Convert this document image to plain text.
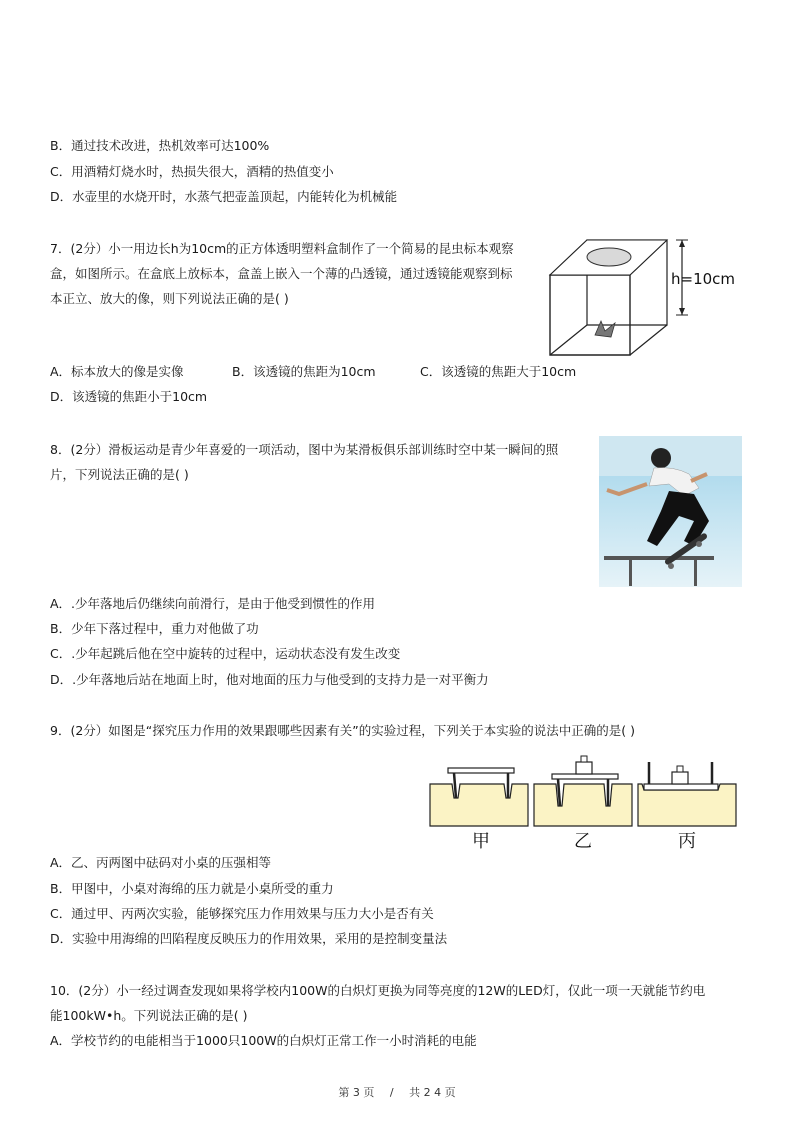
B．通过技术改进，热机效率可达100%
C．用酒精灯烧水时，热损失很大，酒精的热值变小
D．水壶里的水烧开时，水蒸气把壶盖顶起，内能转化为机械能
7．(2分）小一用边长h为10cm的正方体透明塑料盒制作了一个简易的昆虫标本观察
盒，如图所示。在盒底上放标本，盒盖上嵌入一个薄的凸透镜，通过透镜能观察到标
本正立、放大的像，则下列说法正确的是( )
h=10cm
A．标本放大的像是实像	B．该透镜的焦距为10cm	C．该透镜的焦距大于10cm
D．该透镜的焦距小于10cm
8．(2分）滑板运动是青少年喜爱的一项活动，图中为某滑板俱乐部训练时空中某一瞬间的照
片，下列说法正确的是( )
A．.少年落地后仍继续向前滑行，是由于他受到惯性的作用
B．少年下落过程中，重力对他做了功
C．.少年起跳后他在空中旋转的过程中，运动状态没有发生改变
D．.少年落地后站在地面上时，他对地面的压力与他受到的支持力是一对平衡力
9．(2分）如图是“探究压力作用的效果跟哪些因素有关”的实验过程，下列关于本实验的说法中正确的是( )
甲	乙	丙
A．乙、丙两图中砝码对小桌的压强相等
B．甲图中，小桌对海绵的压力就是小桌所受的重力
C．通过甲、丙两次实验，能够探究压力作用效果与压力大小是否有关
D．实验中用海绵的凹陷程度反映压力的作用效果，采用的是控制变量法
10．(2分）小一经过调查发现如果将学校内100W的白炽灯更换为同等亮度的12W的LED灯，仅此一项一天就能节约电
能100kW•h。下列说法正确的是( )
A．学校节约的电能相当于1000只100W的白炽灯正常工作一小时消耗的电能
第 3 页 / 共 2 4 页
